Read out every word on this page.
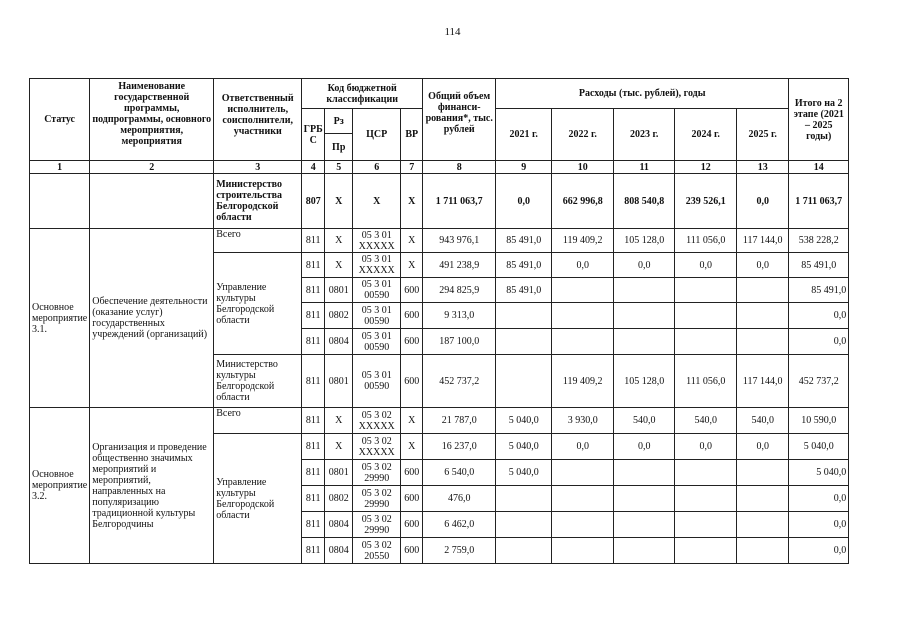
114
Статус	Наименование государственной программы, подпрограммы, основного мероприятия, мероприятия	Ответственный исполнитель, соисполнители, участники	Код бюджетной классификации				Общий объем финанси- рования*, тыс. рублей	Расходы (тыс. рублей), годы					Итого на 2 этапе (2021 – 2025 годы)
			ГРБС	Рз	ЦСР	ВР		2021 г.	2022 г.	2023 г.	2024 г.	2025 г.	
				Пр									
1	2	3	4	5	6	7	8	9	10	11	12	13	14
		Министерство строительства Белгородской области	807	Х	Х	Х	1 711 063,7	0,0	662 996,8	808 540,8	239 526,1	0,0	1 711 063,7
Основное мероприятие 3.1.	Обеспечение деятельности (оказание услуг) государственных учреждений (организаций)	Всего	811	Х	05 3 01 ХХХХХ	Х	943 976,1	85 491,0	119 409,2	105 128,0	111 056,0	117 144,0	538 228,2
		Управление культуры Белгородской области	811	Х	05 3 01 ХХХХХ	Х	491 238,9	85 491,0	0,0	0,0	0,0	0,0	85 491,0
			811	0801	05 3 01 00590	600	294 825,9	85 491,0					85 491,0
			811	0802	05 3 01 00590	600	9 313,0						0,0
			811	0804	05 3 01 00590	600	187 100,0						0,0
		Министерство культуры Белгородской области	811	0801	05 3 01 00590	600	452 737,2		119 409,2	105 128,0	111 056,0	117 144,0	452 737,2
Основное мероприятие 3.2.	Организация и проведение общественно значимых мероприятий и мероприятий, направленных на популяризацию традиционной культуры Белгородчины	Всего	811	Х	05 3 02 ХХХХХ	Х	21 787,0	5 040,0	3 930,0	540,0	540,0	540,0	10 590,0
		Управление культуры Белгородской области	811	Х	05 3 02 ХХХХХ	Х	16 237,0	5 040,0	0,0	0,0	0,0	0,0	5 040,0
			811	0801	05 3 02 29990	600	6 540,0	5 040,0					5 040,0
			811	0802	05 3 02 29990	600	476,0						0,0
			811	0804	05 3 02 29990	600	6 462,0						0,0
			811	0804	05 3 02 20550	600	2 759,0						0,0
